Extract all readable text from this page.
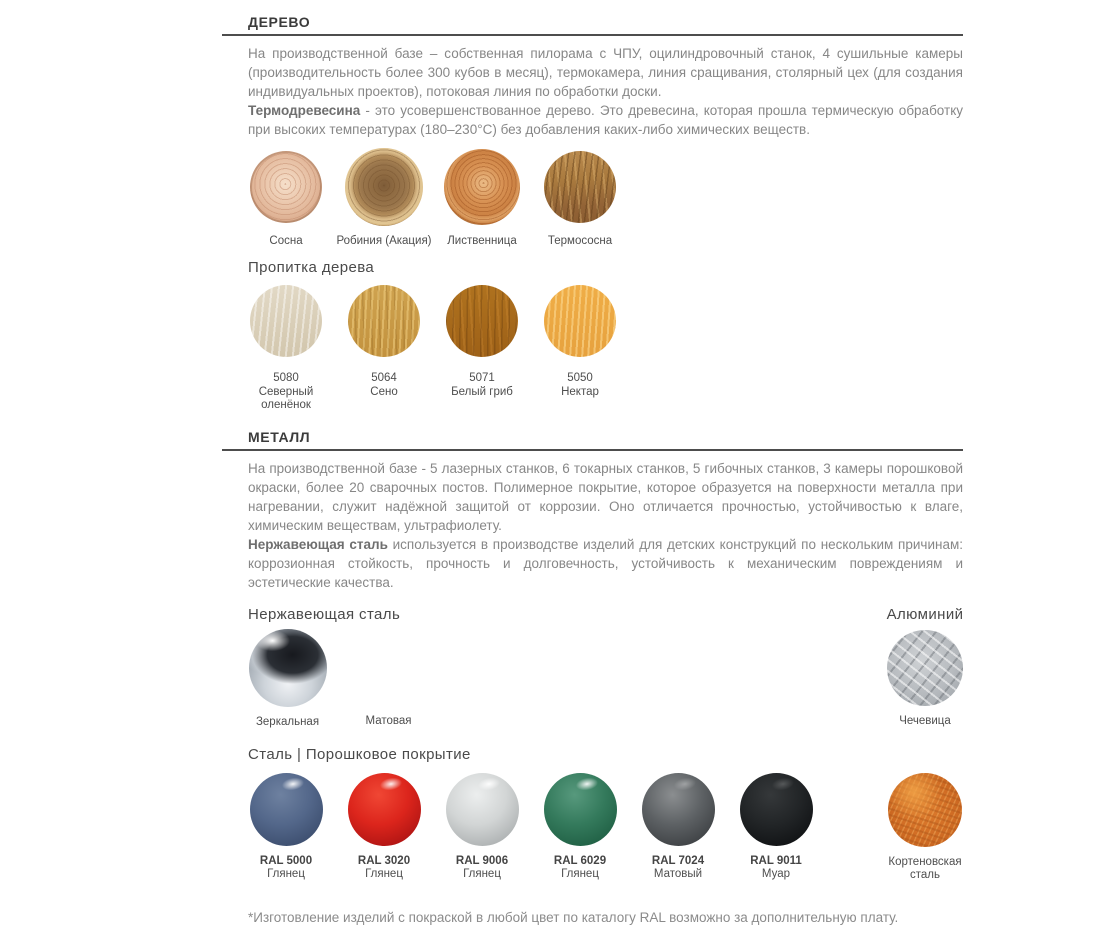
ДЕРЕВО

На производственной базе – собственная пилорама с ЧПУ, оцилиндровочный станок, 4 сушильные камеры (производительность более 300 кубов в месяц), термокамера, линия сращивания, столярный цех (для создания индивидуальных проектов), потоковая линия по обработки доски.

Термодревесина - это усовершенствованное дерево. Это древесина, которая прошла термическую обработку при высоких температурах (180–230°С) без добавления каких-либо химических веществ.

Сосна	Робиния (Акация) Лиственница	Термососна
Пропитка дерева
5080
Северный оленёнок
5064
Сено
5071
Белый гриб
5050
Нектар
МЕТАЛЛ

На производственной базе - 5 лазерных станков, 6 токарных станков, 5 гибочных станков, 3 камеры порошковой окраски, более 20 сварочных постов. Полимерное покрытие, которое образуется на поверхности металла при нагревании, служит надёжной защитой от коррозии. Оно отличается прочностью, устойчивостью к влаге, химическим веществам, ультрафиолету.

Нержавеющая сталь используется в производстве изделий для детских конструкций по нескольким причинам: коррозионная стойкость, прочность и долговечность, устойчивость к механическим повреждениям и эстетические качества.

Нержавеющая сталь
Зеркальная	Матовая
Алюминий
Чечевица
Сталь | Порошковое покрытие
RAL 5000
Глянец
RAL 3020
Глянец
RAL 9006
Глянец
RAL 6029
Глянец
RAL 7024
Матовый
RAL 9011
Муар
Кортеновская сталь

*Изготовление изделий с покраской в любой цвет по каталогу RAL возможно за дополнительную плату.
